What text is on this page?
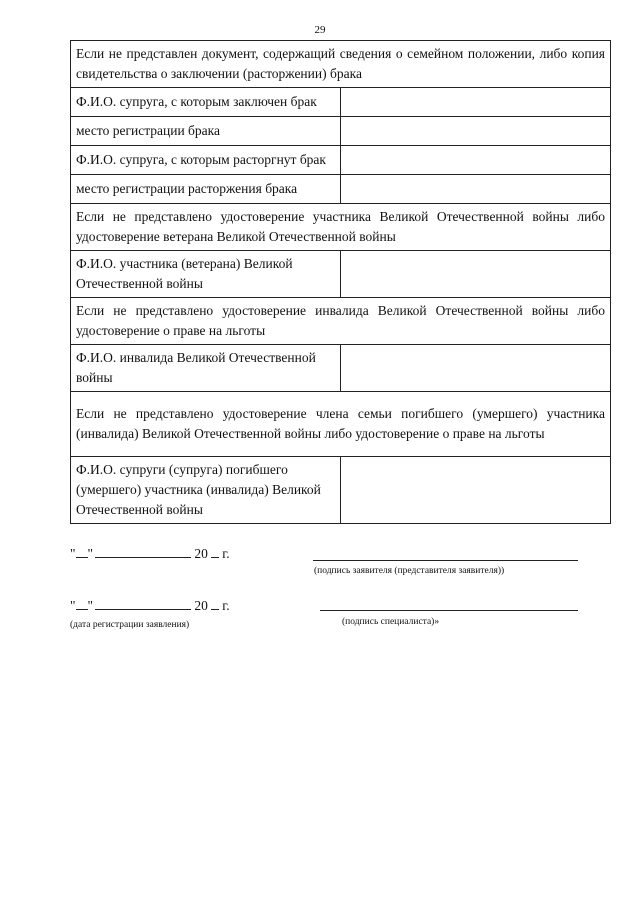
29
Если не представлен документ, содержащий сведения о семейном положении, либо копия свидетельства о заключении (расторжении) брака	
Ф.И.О. супруга, с которым заключен брак	
место регистрации брака	
Ф.И.О. супруга, с которым расторгнут брак	
место регистрации расторжения брака	
Если не представлено удостоверение участника Великой Отечественной войны либо удостоверение ветерана Великой Отечественной войны	
Ф.И.О. участника (ветерана) Великой Отечественной войны	
Если не представлено удостоверение инвалида Великой Отечественной войны либо удостоверение о праве на льготы	
Ф.И.О. инвалида Великой Отечественной войны	
Если не представлено удостоверение члена семьи погибшего (умершего) участника (инвалида) Великой Отечественной войны либо удостоверение о праве на льготы	
Ф.И.О. супруги (супруга) погибшего (умершего) участника (инвалида) Великой Отечественной войны	
" "	20 г.
(подпись заявителя (представителя заявителя))
" "	20 г.
(дата регистрации заявления)	(подпись специалиста)»
